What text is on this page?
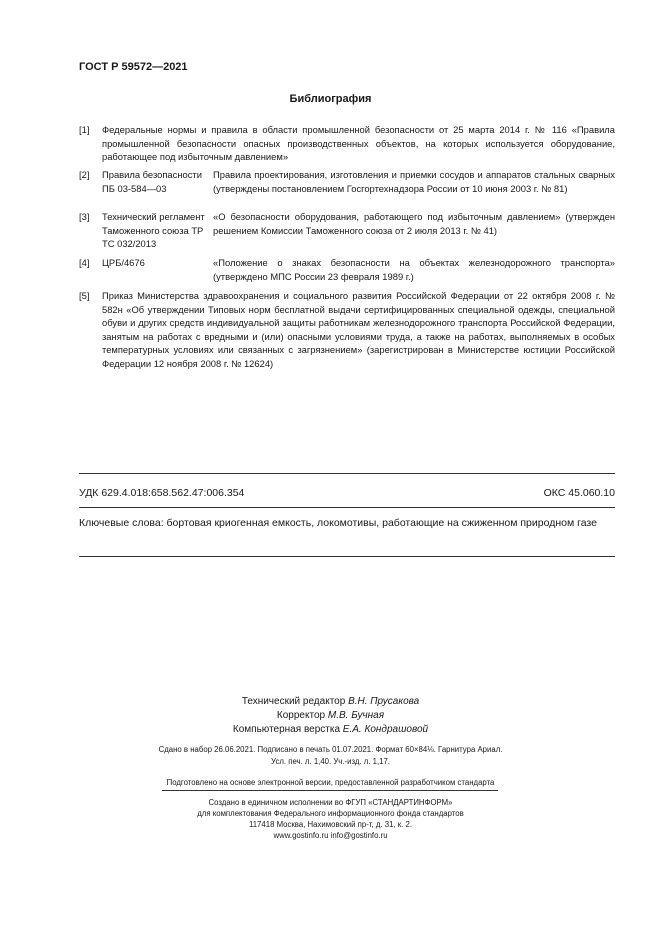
ГОСТ Р 59572—2021
Библиография
[1] Федеральные нормы и правила в области промышленной безопасности от 25 марта 2014 г. № 116 «Правила промышленной безопасности опасных производственных объектов, на которых используется оборудование, работающее под избыточным давлением»
[2] Правила безопасности ПБ 03-584—03
Правила проектирования, изготовления и приемки сосудов и аппаратов стальных сварных (утверждены постановлением Госгортехнадзора России от 10 июня 2003 г. № 81)
[3] Технический регламент Таможенного союза ТР ТС 032/2013
«О безопасности оборудования, работающего под избыточным давлением» (утвержден решением Комиссии Таможенного союза от 2 июля 2013 г. № 41)
[4] ЦРБ/4676	«Положение о знаках безопасности на объектах железнодорожного транспорта» (утверждено МПС России 23 февраля 1989 г.)
[5] Приказ Министерства здравоохранения и социального развития Российской Федерации от 22 октября 2008 г. № 582н «Об утверждении Типовых норм бесплатной выдачи сертифицированных специальной одежды, специальной обуви и других средств индивидуальной защиты работникам железнодорожного транспорта Российской Федерации, занятым на работах с вредными и (или) опасными условиями труда, а также на работах, выполняемых в особых температурных условиях или связанных с загрязнением» (зарегистрирован в Министерстве юстиции Российской Федерации 12 ноября 2008 г. № 12624)
УДК 629.4.018:658.562.47:006.354	ОКС 45.060.10
Ключевые слова: бортовая криогенная емкость, локомотивы, работающие на сжиженном природном газе
Технический редактор В.Н. Прусакова
Корректор М.В. Бучная
Компьютерная верстка Е.А. Кондрашовой
Сдано в набор 26.06.2021. Подписано в печать 01.07.2021. Формат 60×84⅛. Гарнитура Ариал.
Усл. печ. л. 1,40. Уч.-изд. л. 1,17.
Подготовлено на основе электронной версии, предоставленной разработчиком стандарта
Создано в единичном исполнении во ФГУП «СТАНДАРТИНФОРМ»
для комплектования Федерального информационного фонда стандартов
117418 Москва, Нахимовский пр-т, д. 31, к. 2.
www.gostinfo.ru info@gostinfo.ru
